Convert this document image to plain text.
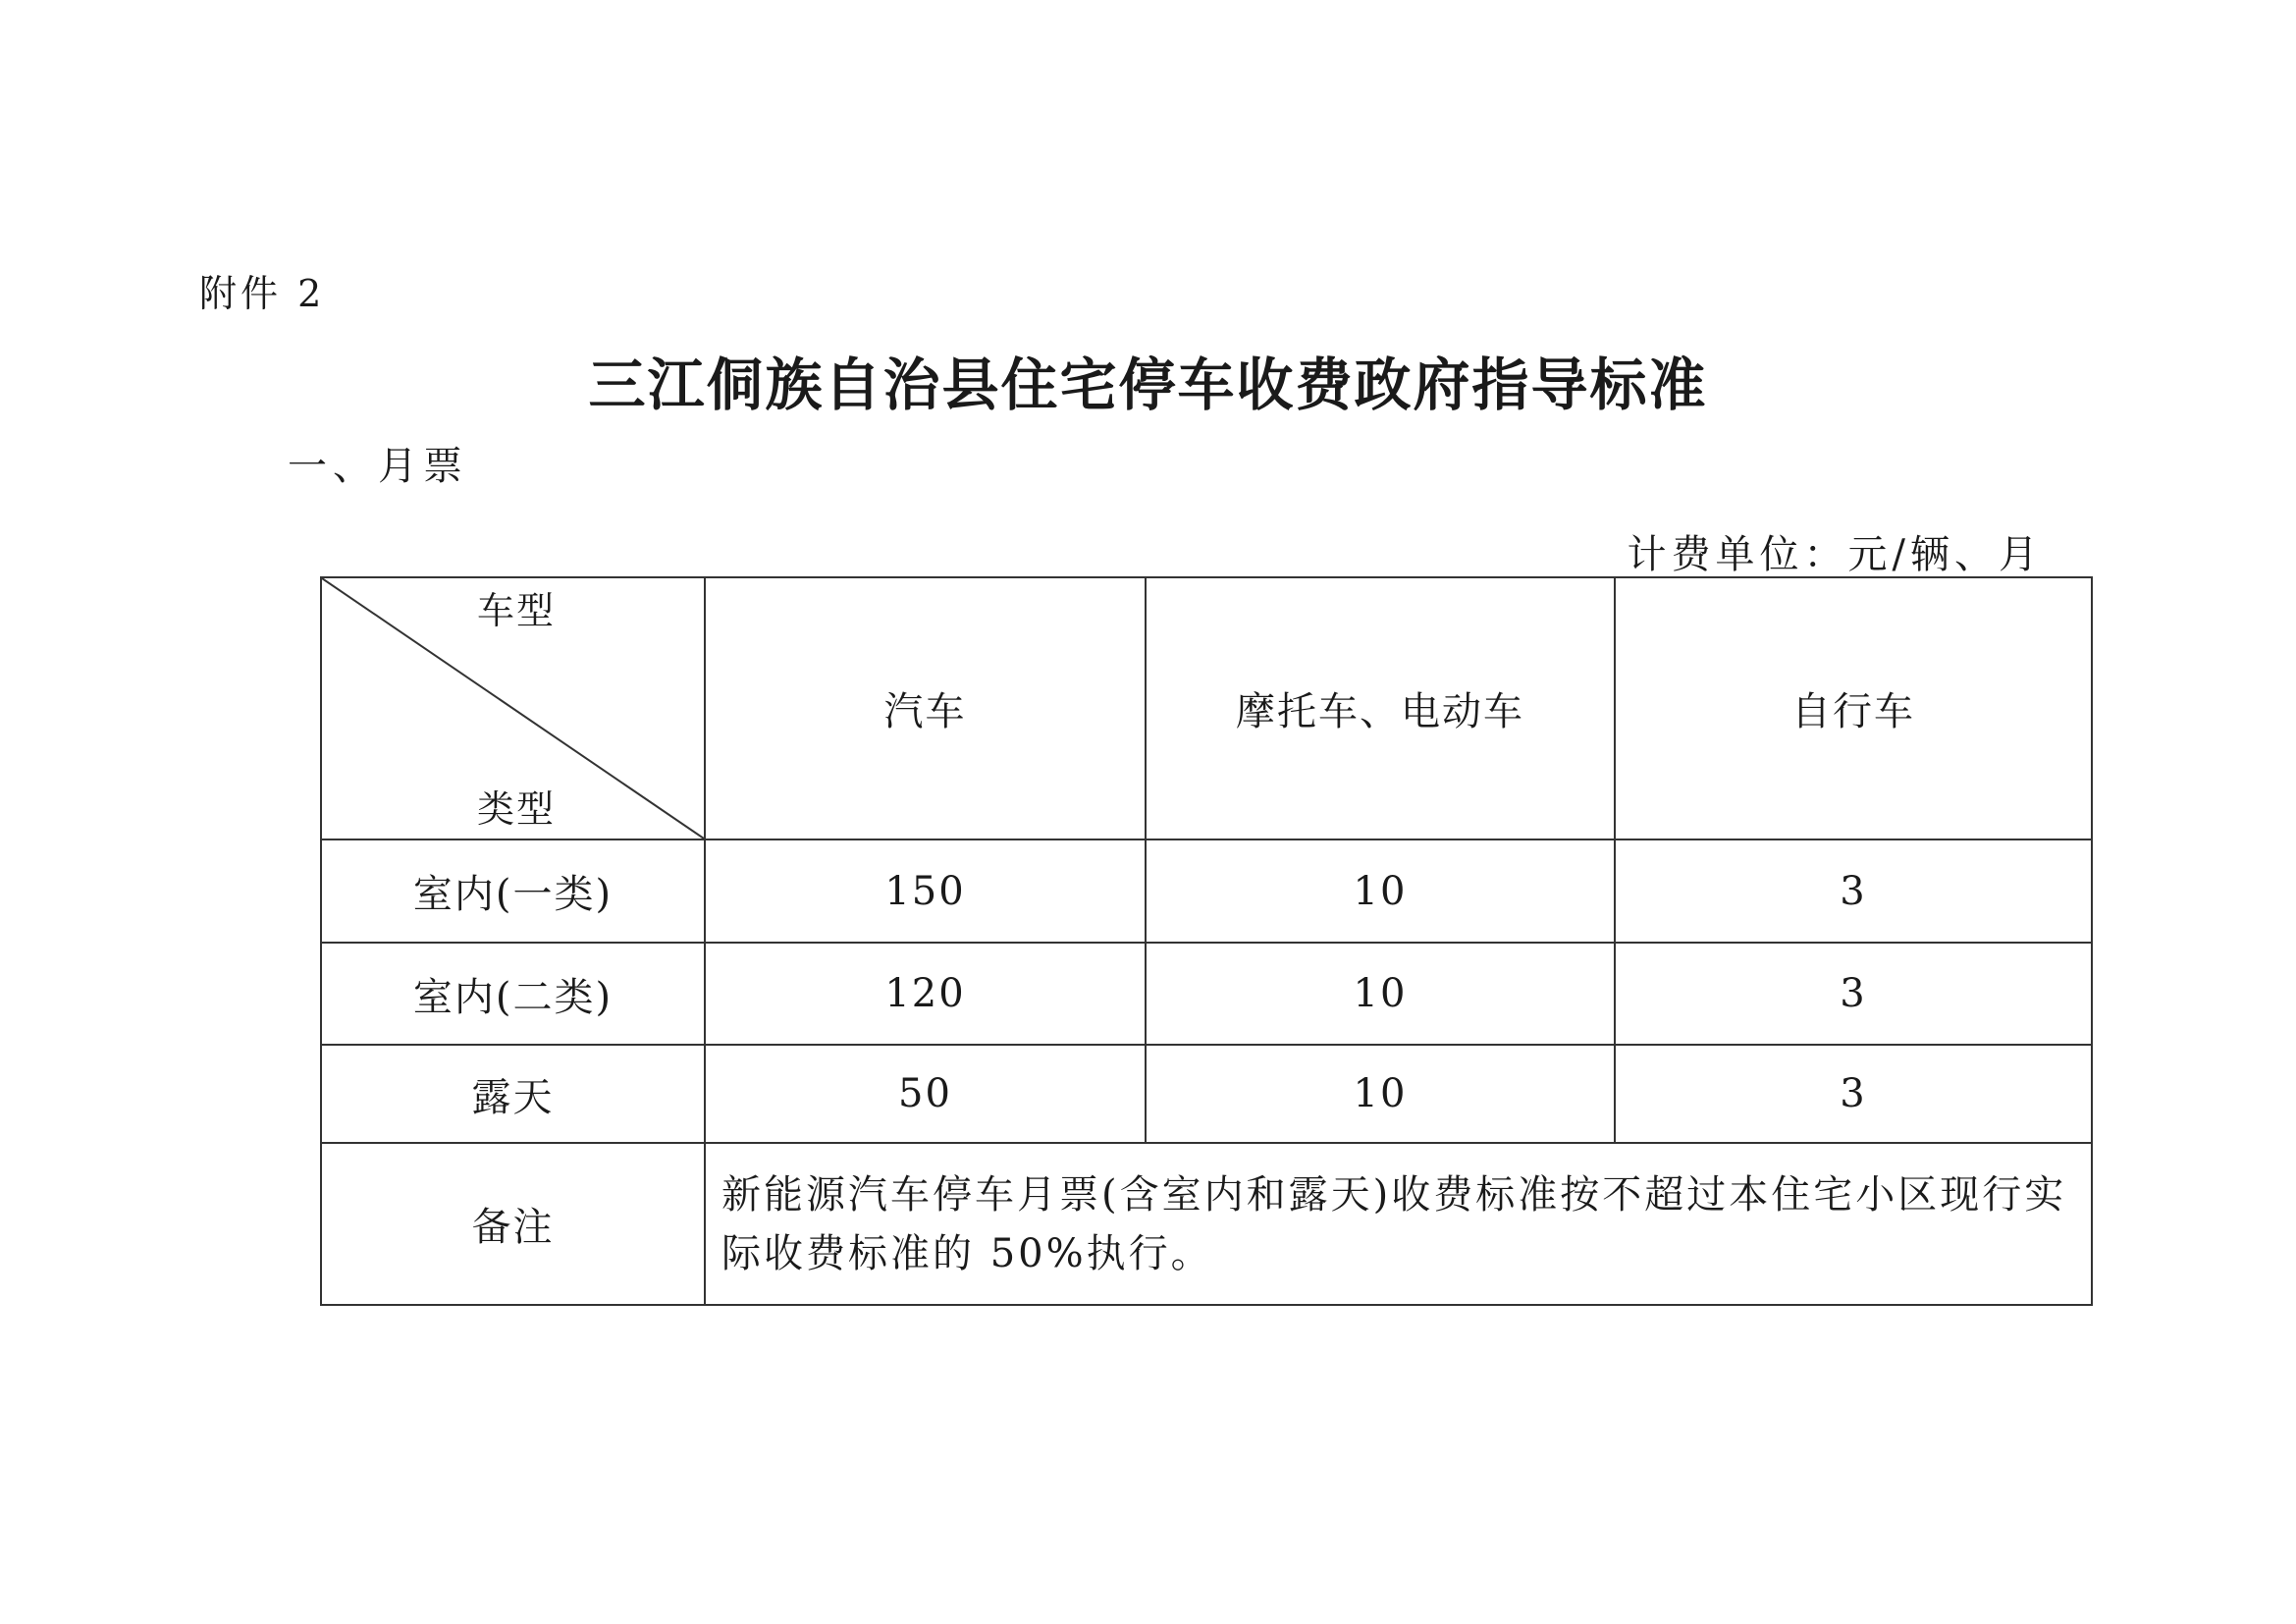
附件 2
三江侗族自治县住宅停车收费政府指导标准
一、月票
计费单位：元/辆、月
车型
类型	汽车	摩托车、电动车	自行车
室内(一类)	150	10	3
室内(二类)	120	10	3
露天	50	10	3
备注	新能源汽车停车月票(含室内和露天)收费标准按不超过本住宅小区现行实际收费标准的 50%执行。		
